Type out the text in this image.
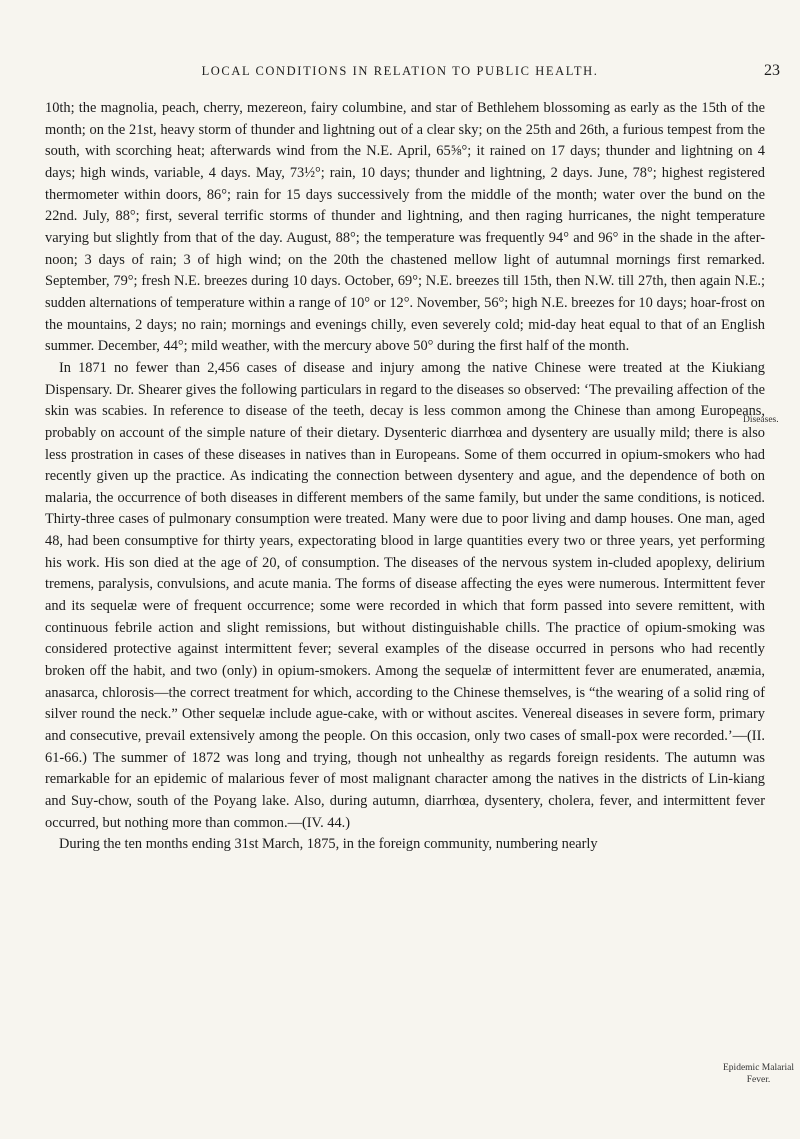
LOCAL CONDITIONS IN RELATION TO PUBLIC HEALTH.	23

10th; the magnolia, peach, cherry, mezereon, fairy columbine, and star of Bethlehem blossoming as early as the 15th of the month; on the 21st, heavy storm of thunder and lightning out of a clear sky; on the 25th and 26th, a furious tempest from the south, with scorching heat; afterwards wind from the N.E. April, 65⅝°; it rained on 17 days; thunder and lightning on 4 days; high winds, variable, 4 days. May, 73½°; rain, 10 days; thunder and lightning, 2 days. June, 78°; highest registered thermometer within doors, 86°; rain for 15 days successively from the middle of the month; water over the bund on the 22nd. July, 88°; first, several terrific storms of thunder and lightning, and then raging hurricanes, the night temperature varying but slightly from that of the day. August, 88°; the temperature was frequently 94° and 96° in the shade in the after-noon; 3 days of rain; 3 of high wind; on the 20th the chastened mellow light of autumnal mornings first remarked. September, 79°; fresh N.E. breezes during 10 days. October, 69°; N.E. breezes till 15th, then N.W. till 27th, then again N.E.; sudden alternations of temperature within a range of 10° or 12°. November, 56°; high N.E. breezes for 10 days; hoar-frost on the mountains, 2 days; no rain; mornings and evenings chilly, even severely cold; mid-day heat equal to that of an English summer. December, 44°; mild weather, with the mercury above 50° during the first half of the month.

In 1871 no fewer than 2,456 cases of disease and injury among the native Chinese were treated at the Kiukiang Dispensary. Dr. Shearer gives the following particulars in regard to the diseases so observed: ‘The prevailing affection of the skin was scabies. In reference to disease of the teeth, decay is less common among the Chinese than among Europeans, probably on account of the simple nature of their dietary. Dysenteric diarrhœa and dysentery are usually mild; there is also less prostration in cases of these diseases in natives than in Europeans. Some of them occurred in opium-smokers who had recently given up the practice. As indicating the connection between dysentery and ague, and the dependence of both on malaria, the occurrence of both diseases in different members of the same family, but under the same conditions, is noticed. Thirty-three cases of pulmonary consumption were treated. Many were due to poor living and damp houses. One man, aged 48, had been consumptive for thirty years, expectorating blood in large quantities every two or three years, yet performing his work. His son died at the age of 20, of consumption. The diseases of the nervous system in-cluded apoplexy, delirium tremens, paralysis, convulsions, and acute mania. The forms of disease affecting the eyes were numerous. Intermittent fever and its sequelæ were of frequent occurrence; some were recorded in which that form passed into severe remittent, with continuous febrile action and slight remissions, but without distinguishable chills. The practice of opium-smoking was considered protective against intermittent fever; several examples of the disease occurred in persons who had recently broken off the habit, and two (only) in opium-smokers. Among the sequelæ of intermittent fever are enumerated, anæmia, anasarca, chlorosis—the correct treatment for which, according to the Chinese themselves, is “the wearing of a solid ring of silver round the neck.” Other sequelæ include ague-cake, with or without ascites. Venereal diseases in severe form, primary and consecutive, prevail extensively among the people. On this occasion, only two cases of small-pox were recorded.’—(II. 61-66.) The summer of 1872 was long and trying, though not unhealthy as regards foreign residents. The autumn was remarkable for an epidemic of malarious fever of most malignant character among the natives in the districts of Lin-kiang and Suy-chow, south of the Poyang lake. Also, during autumn, diarrhœa, dysentery, cholera, fever, and intermittent fever occurred, but nothing more than common.—(IV. 44.)

During the ten months ending 31st March, 1875, in the foreign community, numbering nearly

Diseases.
Epidemic Malarial
Fever.
